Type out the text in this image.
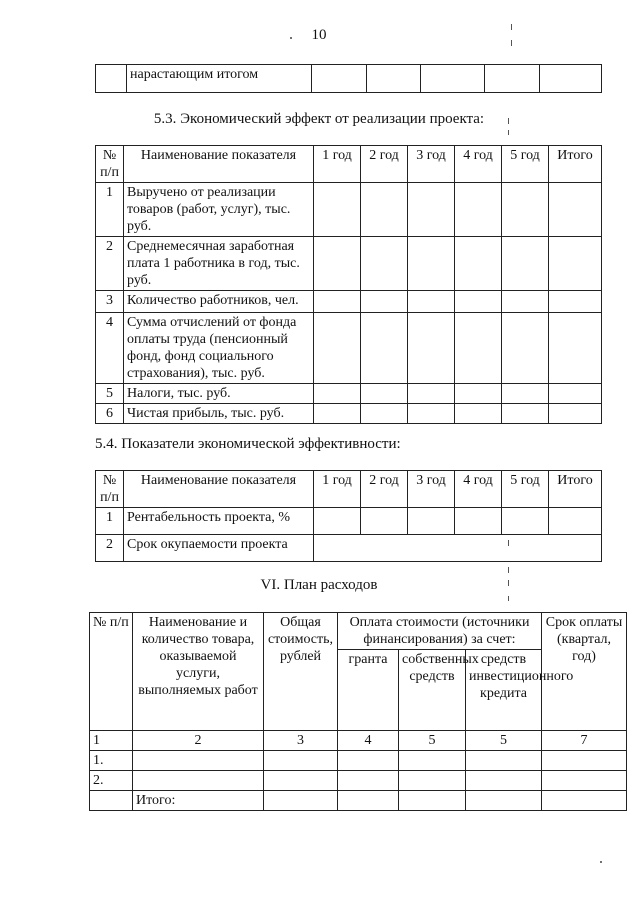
10
	нарастающим итогом					
5.3. Экономический эффект от реализации проекта:
№ п/п	Наименование показателя	1 год	2 год	3 год	4 год	5 год	Итого
1	Выручено от реализации товаров (работ, услуг), тыс. руб.						
2	Среднемесячная заработная плата 1 работника в год, тыс. руб.						
3	Количество работников, чел.						
4	Сумма отчислений от фонда оплаты труда (пенсионный фонд, фонд социального страхования), тыс. руб.						
5	Налоги, тыс. руб.						
6	Чистая прибыль, тыс. руб.						
5.4. Показатели экономической эффективности:
№ п/п	Наименование показателя	1 год	2 год	3 год	4 год	5 год	Итого
1	Рентабельность проекта, %						
2	Срок окупаемости проекта						
VI. План расходов
№ п/п	Наименование и количество товара, оказываемой услуги, выполняемых работ	Общая стоимость, рублей	Оплата стоимости (источники финансирования) за счет:			Срок оплаты (квартал, год)
			гранта	собственных средств	средств инвестиционного кредита	
1	2	3	4	5	5	7
1.						
2.						
	Итого:					
